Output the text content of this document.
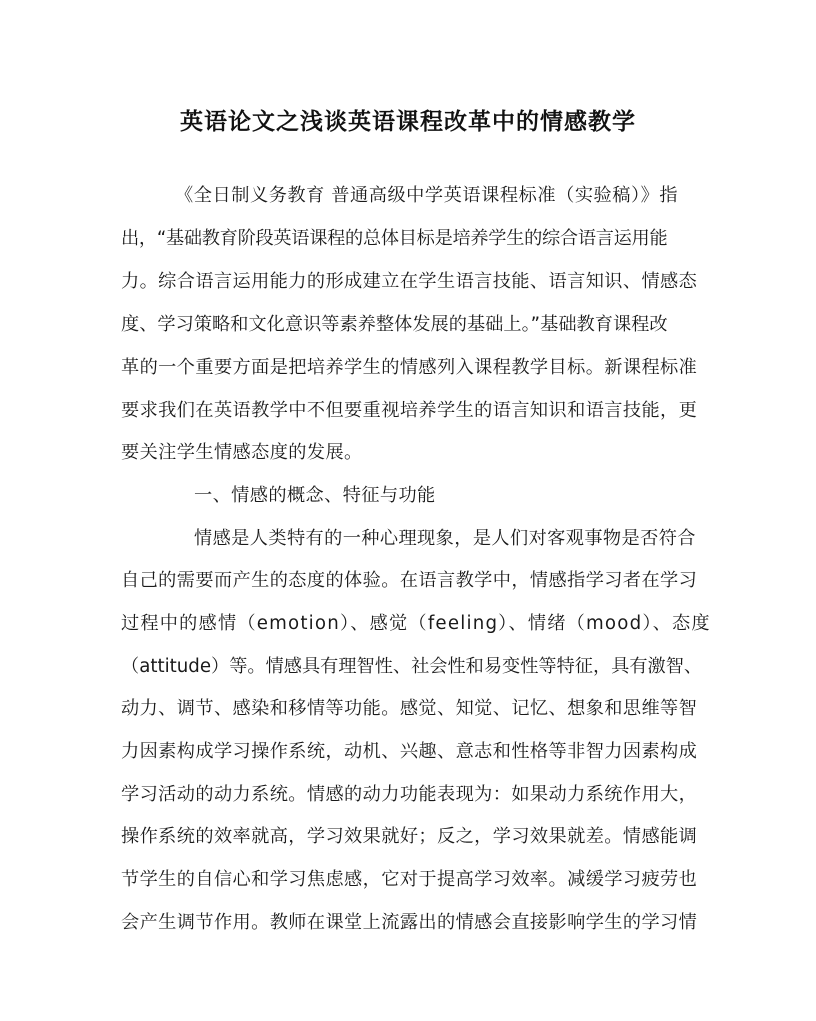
英语论文之浅谈英语课程改革中的情感教学
《全日制义务教育 普通高级中学英语课程标准（实验稿）》指
出，“基础教育阶段英语课程的总体目标是培养学生的综合语言运用能
力。综合语言运用能力的形成建立在学生语言技能、语言知识、情感态
度、学习策略和文化意识等素养整体发展的基础上。”基础教育课程改
革的一个重要方面是把培养学生的情感列入课程教学目标。新课程标准
要求我们在英语教学中不但要重视培养学生的语言知识和语言技能，更
要关注学生情感态度的发展。
一、情感的概念、特征与功能
情感是人类特有的一种心理现象，是人们对客观事物是否符合
自己的需要而产生的态度的体验。在语言教学中，情感指学习者在学习
过程中的感情（emotion）、感觉（feeling）、情绪（mood）、态度
（attitude）等。情感具有理智性、社会性和易变性等特征，具有激智、
动力、调节、感染和移情等功能。感觉、知觉、记忆、想象和思维等智
力因素构成学习操作系统，动机、兴趣、意志和性格等非智力因素构成
学习活动的动力系统。情感的动力功能表现为：如果动力系统作用大，
操作系统的效率就高，学习效果就好；反之，学习效果就差。情感能调
节学生的自信心和学习焦虑感，它对于提高学习效率。减缓学习疲劳也
会产生调节作用。教师在课堂上流露出的情感会直接影响学生的学习情
